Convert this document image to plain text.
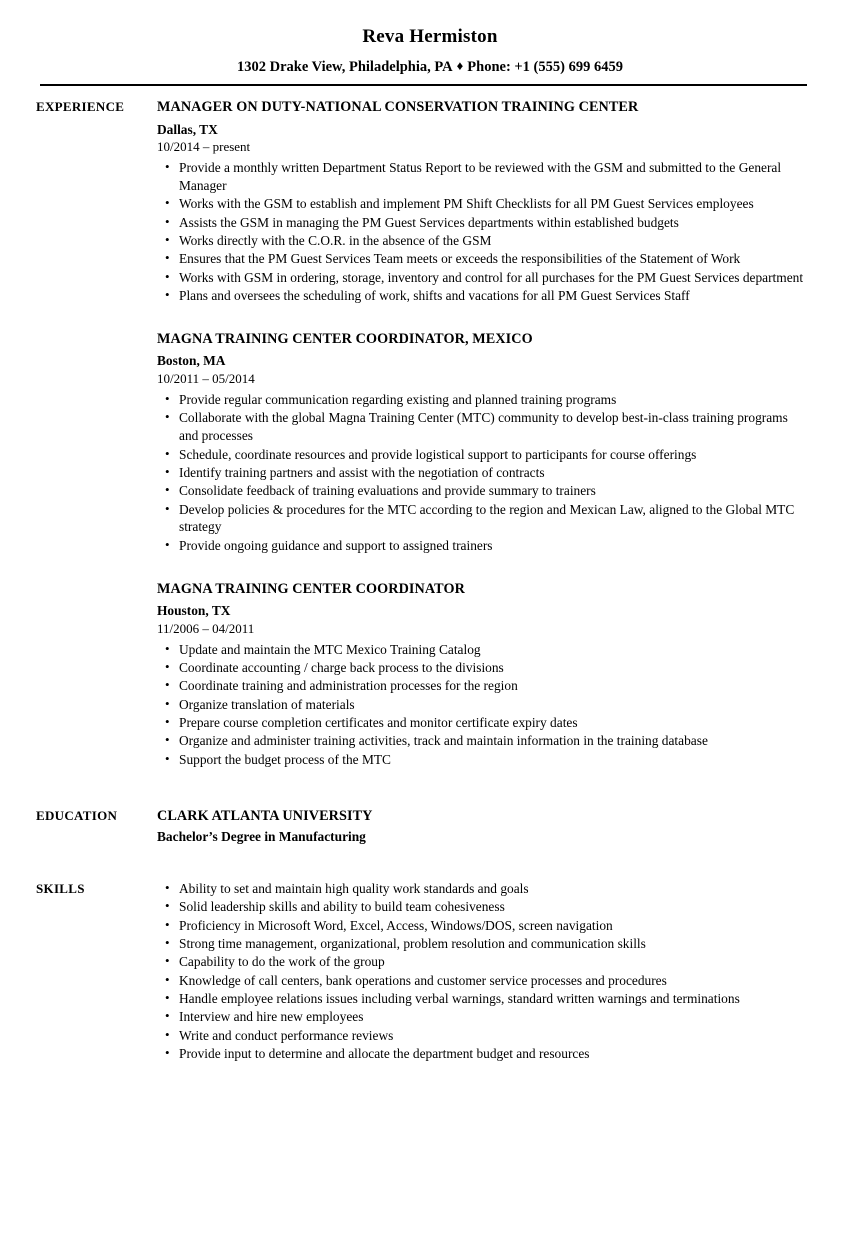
Reva Hermiston
1302 Drake View, Philadelphia, PA ♦ Phone: +1 (555) 699 6459
EXPERIENCE	MANAGER ON DUTY-NATIONAL CONSERVATION TRAINING CENTER
Dallas, TX
10/2014 – present
• Provide a monthly written Department Status Report to be reviewed with the GSM and submitted to the General Manager
• Works with the GSM to establish and implement PM Shift Checklists for all PM Guest Services employees
• Assists the GSM in managing the PM Guest Services departments within established budgets
• Works directly with the C.O.R. in the absence of the GSM
• Ensures that the PM Guest Services Team meets or exceeds the responsibilities of the Statement of Work
• Works with GSM in ordering, storage, inventory and control for all purchases for the PM Guest Services department
• Plans and oversees the scheduling of work, shifts and vacations for all PM Guest Services Staff
MAGNA TRAINING CENTER COORDINATOR, MEXICO
Boston, MA
10/2011 – 05/2014
• Provide regular communication regarding existing and planned training programs
• Collaborate with the global Magna Training Center (MTC) community to develop best-in-class training programs and processes
• Schedule, coordinate resources and provide logistical support to participants for course offerings
• Identify training partners and assist with the negotiation of contracts
• Consolidate feedback of training evaluations and provide summary to trainers
• Develop policies & procedures for the MTC according to the region and Mexican Law, aligned to the Global MTC strategy
• Provide ongoing guidance and support to assigned trainers
MAGNA TRAINING CENTER COORDINATOR
Houston, TX
11/2006 – 04/2011
• Update and maintain the MTC Mexico Training Catalog
• Coordinate accounting / charge back process to the divisions
• Coordinate training and administration processes for the region
• Organize translation of materials
• Prepare course completion certificates and monitor certificate expiry dates
• Organize and administer training activities, track and maintain information in the training database
• Support the budget process of the MTC
EDUCATION	CLARK ATLANTA UNIVERSITY
Bachelor’s Degree in Manufacturing
SKILLS	• Ability to set and maintain high quality work standards and goals
• Solid leadership skills and ability to build team cohesiveness
• Proficiency in Microsoft Word, Excel, Access, Windows/DOS, screen navigation
• Strong time management, organizational, problem resolution and communication skills
• Capability to do the work of the group
• Knowledge of call centers, bank operations and customer service processes and procedures
• Handle employee relations issues including verbal warnings, standard written warnings and terminations
• Interview and hire new employees
• Write and conduct performance reviews
• Provide input to determine and allocate the department budget and resources
